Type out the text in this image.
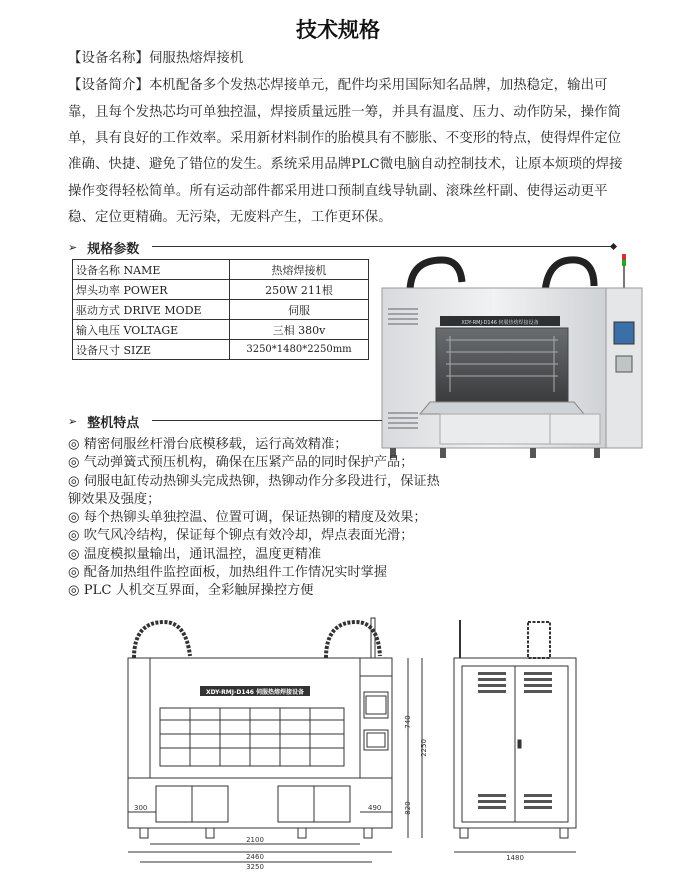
技术规格
【设备名称】伺服热熔焊接机

【设备简介】本机配备多个发热芯焊接单元，配件均采用国际知名品牌，加热稳定，输出可

靠，且每个发热芯均可单独控温，焊接质量远胜一筹，并具有温度、压力、动作防呆，操作简

单，具有良好的工作效率。采用新材料制作的胎模具有不膨胀、不变形的特点，使得焊件定位

准确、快捷、避免了错位的发生。系统采用品牌PLC微电脑自动控制技术，让原本烦琐的焊接

操作变得轻松简单。所有运动部件都采用进口预制直线导轨副、滚珠丝杆副、使得运动更平

稳、定位更精确。无污染，无废料产生，工作更环保。

➢ 规格参数
设备名称 NAME	热熔焊接机
焊头功率 POWER	250W 211根
驱动方式 DRIVE MODE	伺服
输入电压 VOLTAGE	三相 380v
设备尺寸 SIZE	3250*1480*2250mm
XDY-RMJ-D146 伺服热熔焊接设备
➢ 整机特点
◎ 精密伺服丝杆滑台底模移载，运行高效精准；
◎ 气动弹簧式预压机构，确保在压紧产品的同时保护产品；
◎ 伺服电缸传动热铆头完成热铆，热铆动作分多段进行，保证热铆效果及强度；
◎ 每个热铆头单独控温、位置可调，保证热铆的精度及效果；
◎ 吹气风冷结构，保证每个铆点有效冷却，焊点表面光滑；
◎ 温度模拟量输出，通讯温控，温度更精准
◎ 配备加热组件监控面板，加热组件工作情况实时掌握
◎ PLC 人机交互界面，全彩触屏操控方便
XDY-RMJ-D146 伺服热熔焊接设备
740
2250
820
300	490
2100
2460
3250
1480
